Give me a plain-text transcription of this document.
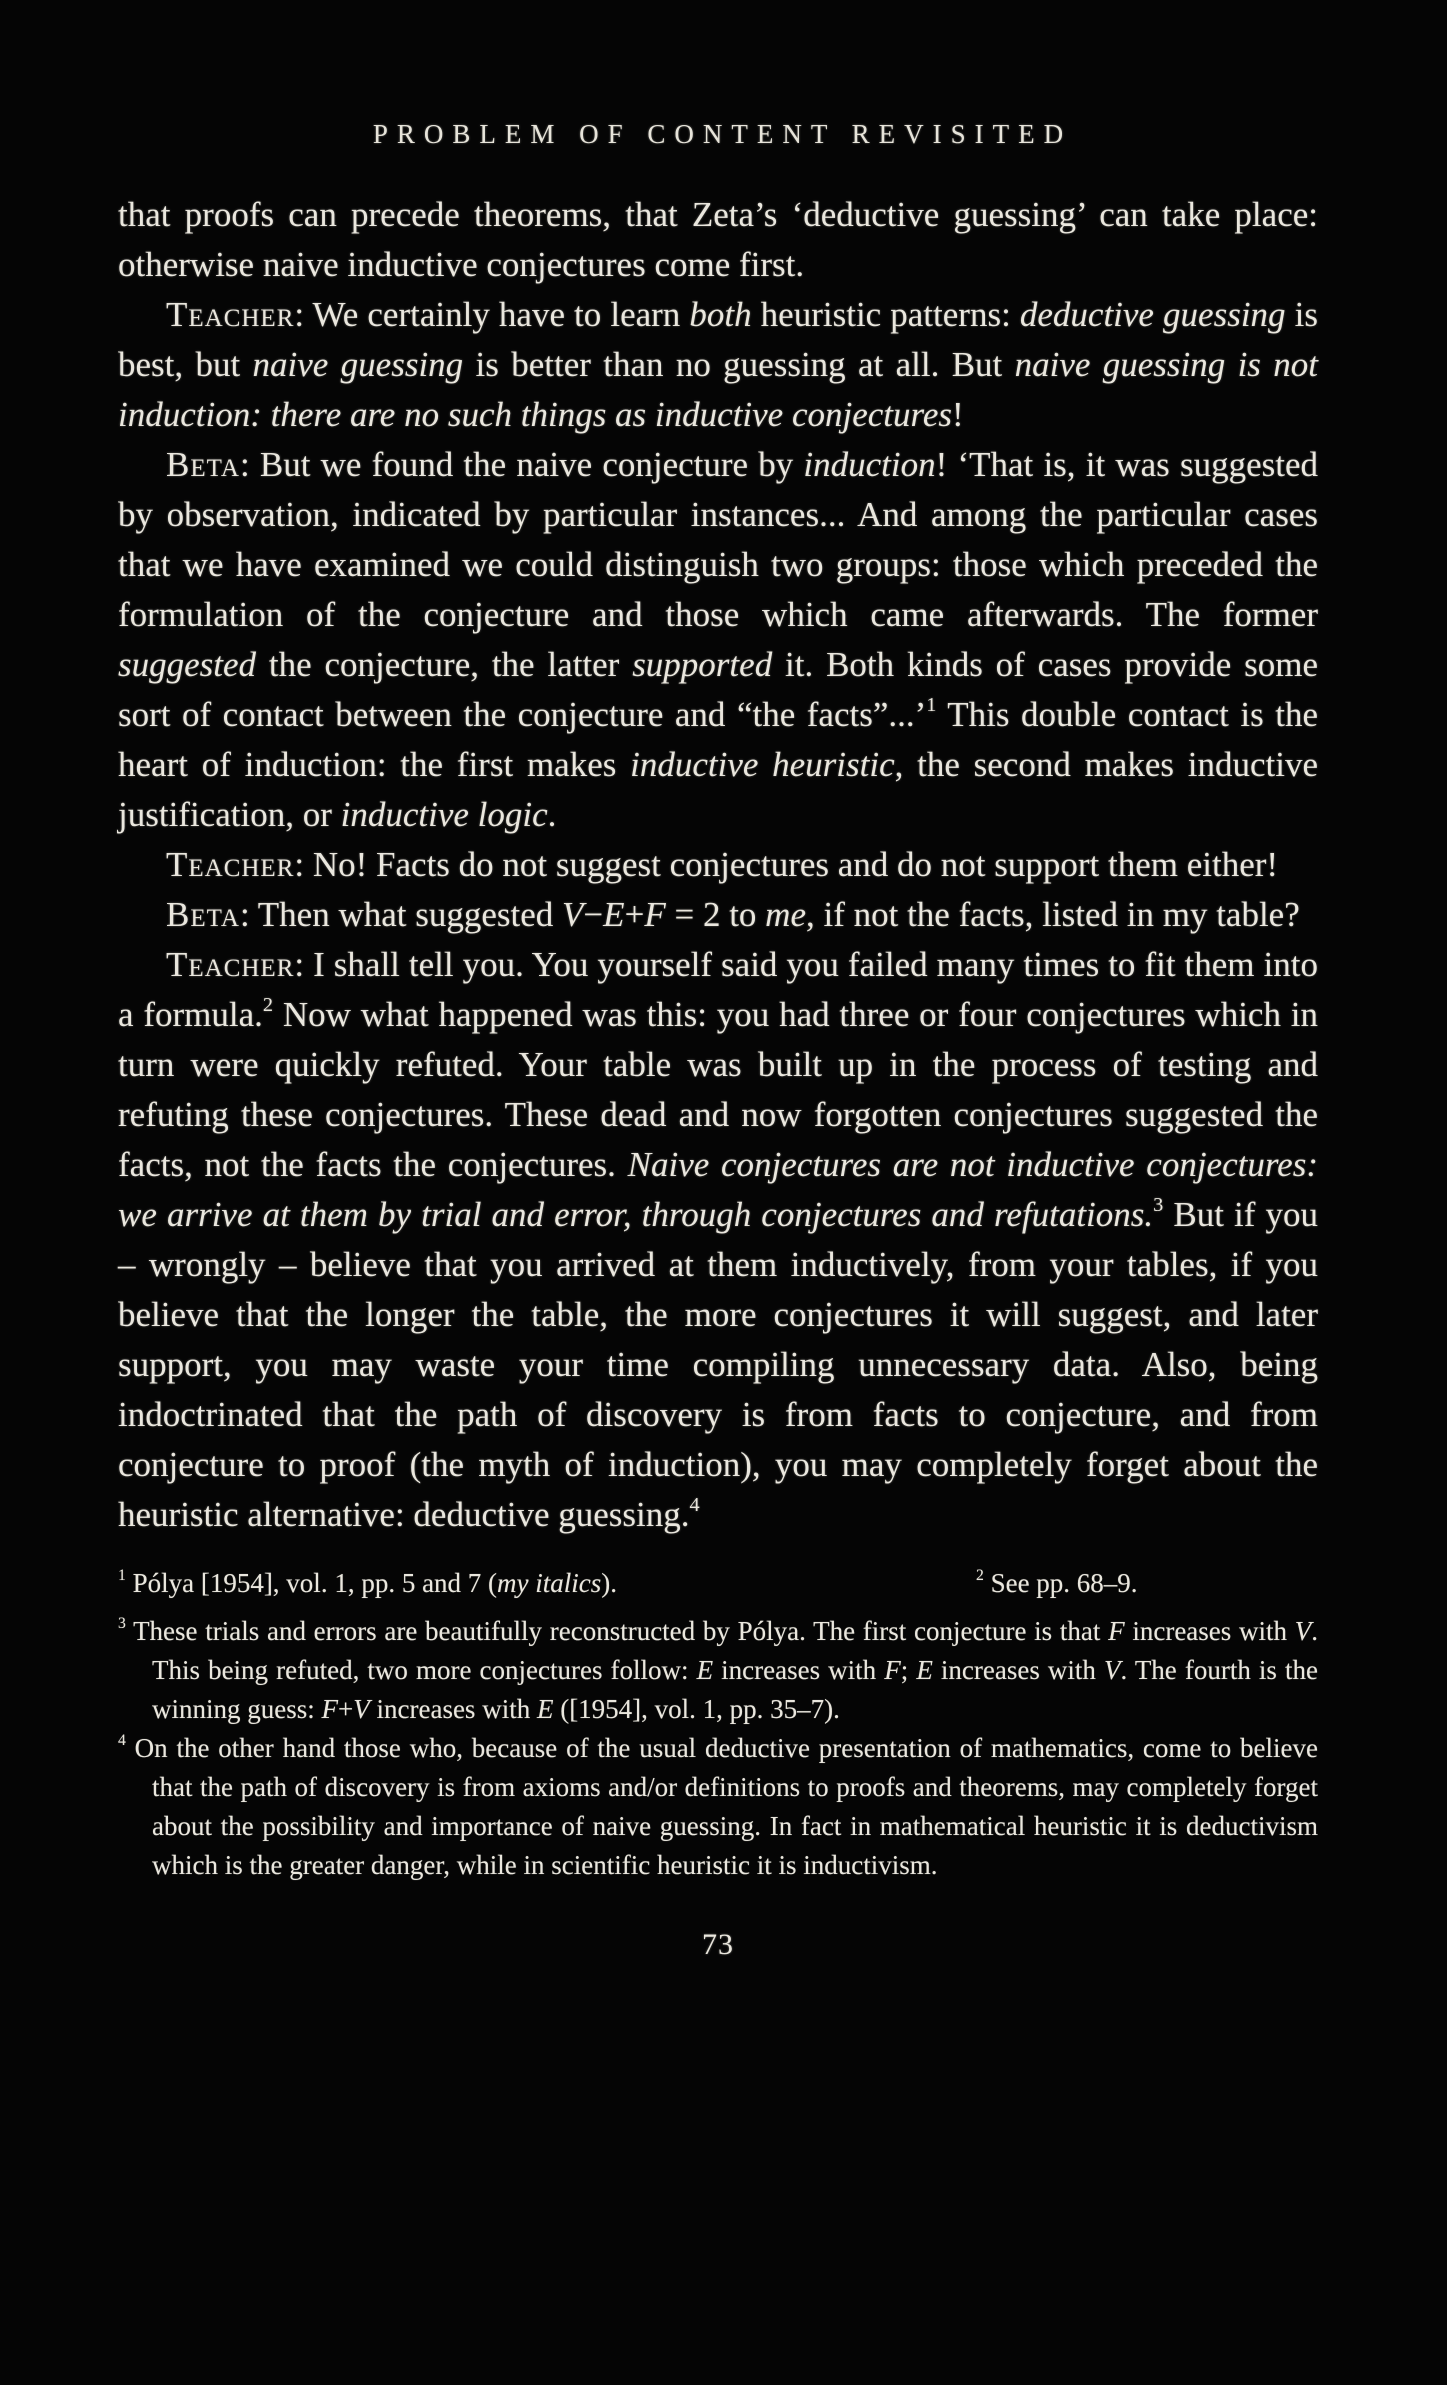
PROBLEM OF CONTENT REVISITED

that proofs can precede theorems, that Zeta’s ‘deductive guessing’ can take place: otherwise naive inductive conjectures come first.

Teacher: We certainly have to learn both heuristic patterns: deductive guessing is best, but naive guessing is better than no guessing at all. But naive guessing is not induction: there are no such things as inductive conjectures!

Beta: But we found the naive conjecture by induction! ‘That is, it was suggested by observation, indicated by particular instances... And among the particular cases that we have examined we could distinguish two groups: those which preceded the formulation of the conjecture and those which came afterwards. The former suggested the conjecture, the latter supported it. Both kinds of cases provide some sort of contact between the conjecture and “the facts”...’$^1$ This double contact is the heart of induction: the first makes inductive heuristic, the second makes inductive justification, or inductive logic.

Teacher: No! Facts do not suggest conjectures and do not support them either!

Beta: Then what suggested V−E+F = 2 to me, if not the facts, listed in my table?

Teacher: I shall tell you. You yourself said you failed many times to fit them into a formula.$^2$ Now what happened was this: you had three or four conjectures which in turn were quickly refuted. Your table was built up in the process of testing and refuting these conjectures. These dead and now forgotten conjectures suggested the facts, not the facts the conjectures. Naive conjectures are not inductive conjectures: we arrive at them by trial and error, through conjectures and refutations.$^3$ But if you – wrongly – believe that you arrived at them inductively, from your tables, if you believe that the longer the table, the more conjectures it will suggest, and later support, you may waste your time compiling unnecessary data. Also, being indoctrinated that the path of discovery is from facts to conjecture, and from conjecture to proof (the myth of induction), you may completely forget about the heuristic alternative: deductive guessing.$^4$

$^1$ Pólya [1954], vol. 1, pp. 5 and 7 (my italics).	$^2$ See pp. 68–9.
$^3$ These trials and errors are beautifully reconstructed by Pólya. The first conjecture is that F increases with V. This being refuted, two more conjectures follow: E increases with F; E increases with V. The fourth is the winning guess: F+V increases with E ([1954], vol. 1, pp. 35–7).
$^4$ On the other hand those who, because of the usual deductive presentation of mathematics, come to believe that the path of discovery is from axioms and/or definitions to proofs and theorems, may completely forget about the possibility and importance of naive guessing. In fact in mathematical heuristic it is deductivism which is the greater danger, while in scientific heuristic it is inductivism.
73
